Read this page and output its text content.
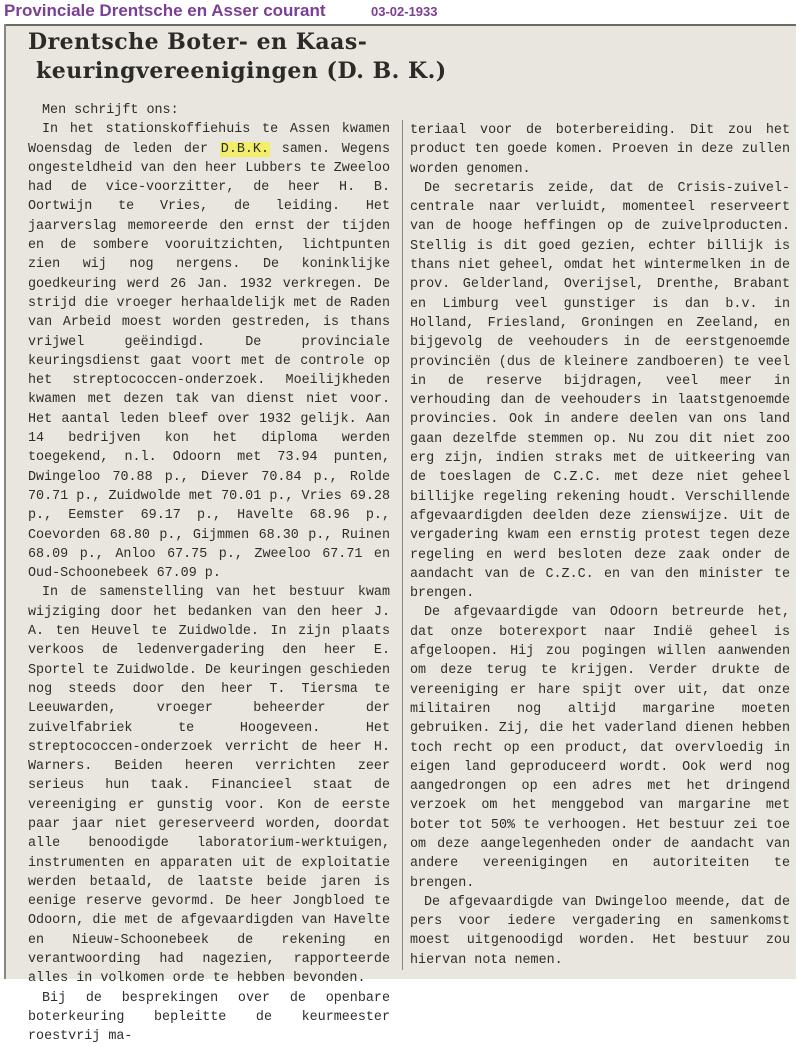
Provinciale Drentsche en Asser courant	03-02-1933
Drentsche Boter- en Kaas-
keuringvereenigingen (D. B. K.)

Men schrijft ons:

In het stationskoffiehuis te Assen kwamen Woensdag de leden der D.B.K. samen. Wegens ongesteldheid van den heer Lubbers te Zweeloo had de vice-voorzitter, de heer H. B. Oortwijn te Vries, de leiding. Het jaarverslag memoreerde den ernst der tijden en de sombere vooruitzichten, lichtpunten zien wij nog nergens. De koninklijke goedkeuring werd 26 Jan. 1932 verkregen. De strijd die vroeger herhaaldelijk met de Raden van Arbeid moest worden gestreden, is thans vrijwel geëindigd. De provinciale keuringsdienst gaat voort met de controle op het streptococcen-onderzoek. Moeilijkheden kwamen met dezen tak van dienst niet voor. Het aantal leden bleef over 1932 gelijk. Aan 14 bedrijven kon het diploma werden toegekend, n.l. Odoorn met 73.94 punten, Dwingeloo 70.88 p., Diever 70.84 p., Rolde 70.71 p., Zuidwolde met 70.01 p., Vries 69.28 p., Eemster 69.17 p., Havelte 68.96 p., Coevorden 68.80 p., Gijmmen 68.30 p., Ruinen 68.09 p., Anloo 67.75 p., Zweeloo 67.71 en Oud-Schoonebeek 67.09 p.

In de samenstelling van het bestuur kwam wijziging door het bedanken van den heer J. A. ten Heuvel te Zuidwolde. In zijn plaats verkoos de ledenvergadering den heer E. Sportel te Zuidwolde. De keuringen geschieden nog steeds door den heer T. Tiersma te Leeuwarden, vroeger beheerder der zuivelfabriek te Hoogeveen. Het streptococcen-onderzoek verricht de heer H. Warners. Beiden heeren verrichten zeer serieus hun taak. Financieel staat de vereeniging er gunstig voor. Kon de eerste paar jaar niet gereserveerd worden, doordat alle benoodigde laboratorium-werktuigen, instrumenten en apparaten uit de exploitatie werden betaald, de laatste beide jaren is eenige reserve gevormd. De heer Jongbloed te Odoorn, die met de afgevaardigden van Havelte en Nieuw-Schoonebeek de rekening en verantwoording had nagezien, rapporteerde alles in volkomen orde te hebben bevonden.

Bij de besprekingen over de openbare boterkeuring bepleitte de keurmeester roestvrij ma-

teriaal voor de boterbereiding. Dit zou het product ten goede komen. Proeven in deze zullen worden genomen.

De secretaris zeide, dat de Crisis-zuivel-centrale naar verluidt, momenteel reserveert van de hooge heffingen op de zuivelproducten. Stellig is dit goed gezien, echter billijk is thans niet geheel, omdat het wintermelken in de prov. Gelderland, Overijsel, Drenthe, Brabant en Limburg veel gunstiger is dan b.v. in Holland, Friesland, Groningen en Zeeland, en bijgevolg de veehouders in de eerstgenoemde provinciën (dus de kleinere zandboeren) te veel in de reserve bijdragen, veel meer in verhouding dan de veehouders in laatstgenoemde provincies. Ook in andere deelen van ons land gaan dezelfde stemmen op. Nu zou dit niet zoo erg zijn, indien straks met de uitkeering van de toeslagen de C.Z.C. met deze niet geheel billijke regeling rekening houdt. Verschillende afgevaardigden deelden deze zienswijze. Uit de vergadering kwam een ernstig protest tegen deze regeling en werd besloten deze zaak onder de aandacht van de C.Z.C. en van den minister te brengen.

De afgevaardigde van Odoorn betreurde het, dat onze boterexport naar Indië geheel is afgeloopen. Hij zou pogingen willen aanwenden om deze terug te krijgen. Verder drukte de vereeniging er hare spijt over uit, dat onze militairen nog altijd margarine moeten gebruiken. Zij, die het vaderland dienen hebben toch recht op een product, dat overvloedig in eigen land geproduceerd wordt. Ook werd nog aangedrongen op een adres met het dringend verzoek om het menggebod van margarine met boter tot 50% te verhoogen. Het bestuur zei toe om deze aangelegenheden onder de aandacht van andere vereenigingen en autoriteiten te brengen.

De afgevaardigde van Dwingeloo meende, dat de pers voor iedere vergadering en samenkomst moest uitgenoodigd worden. Het bestuur zou hiervan nota nemen.
